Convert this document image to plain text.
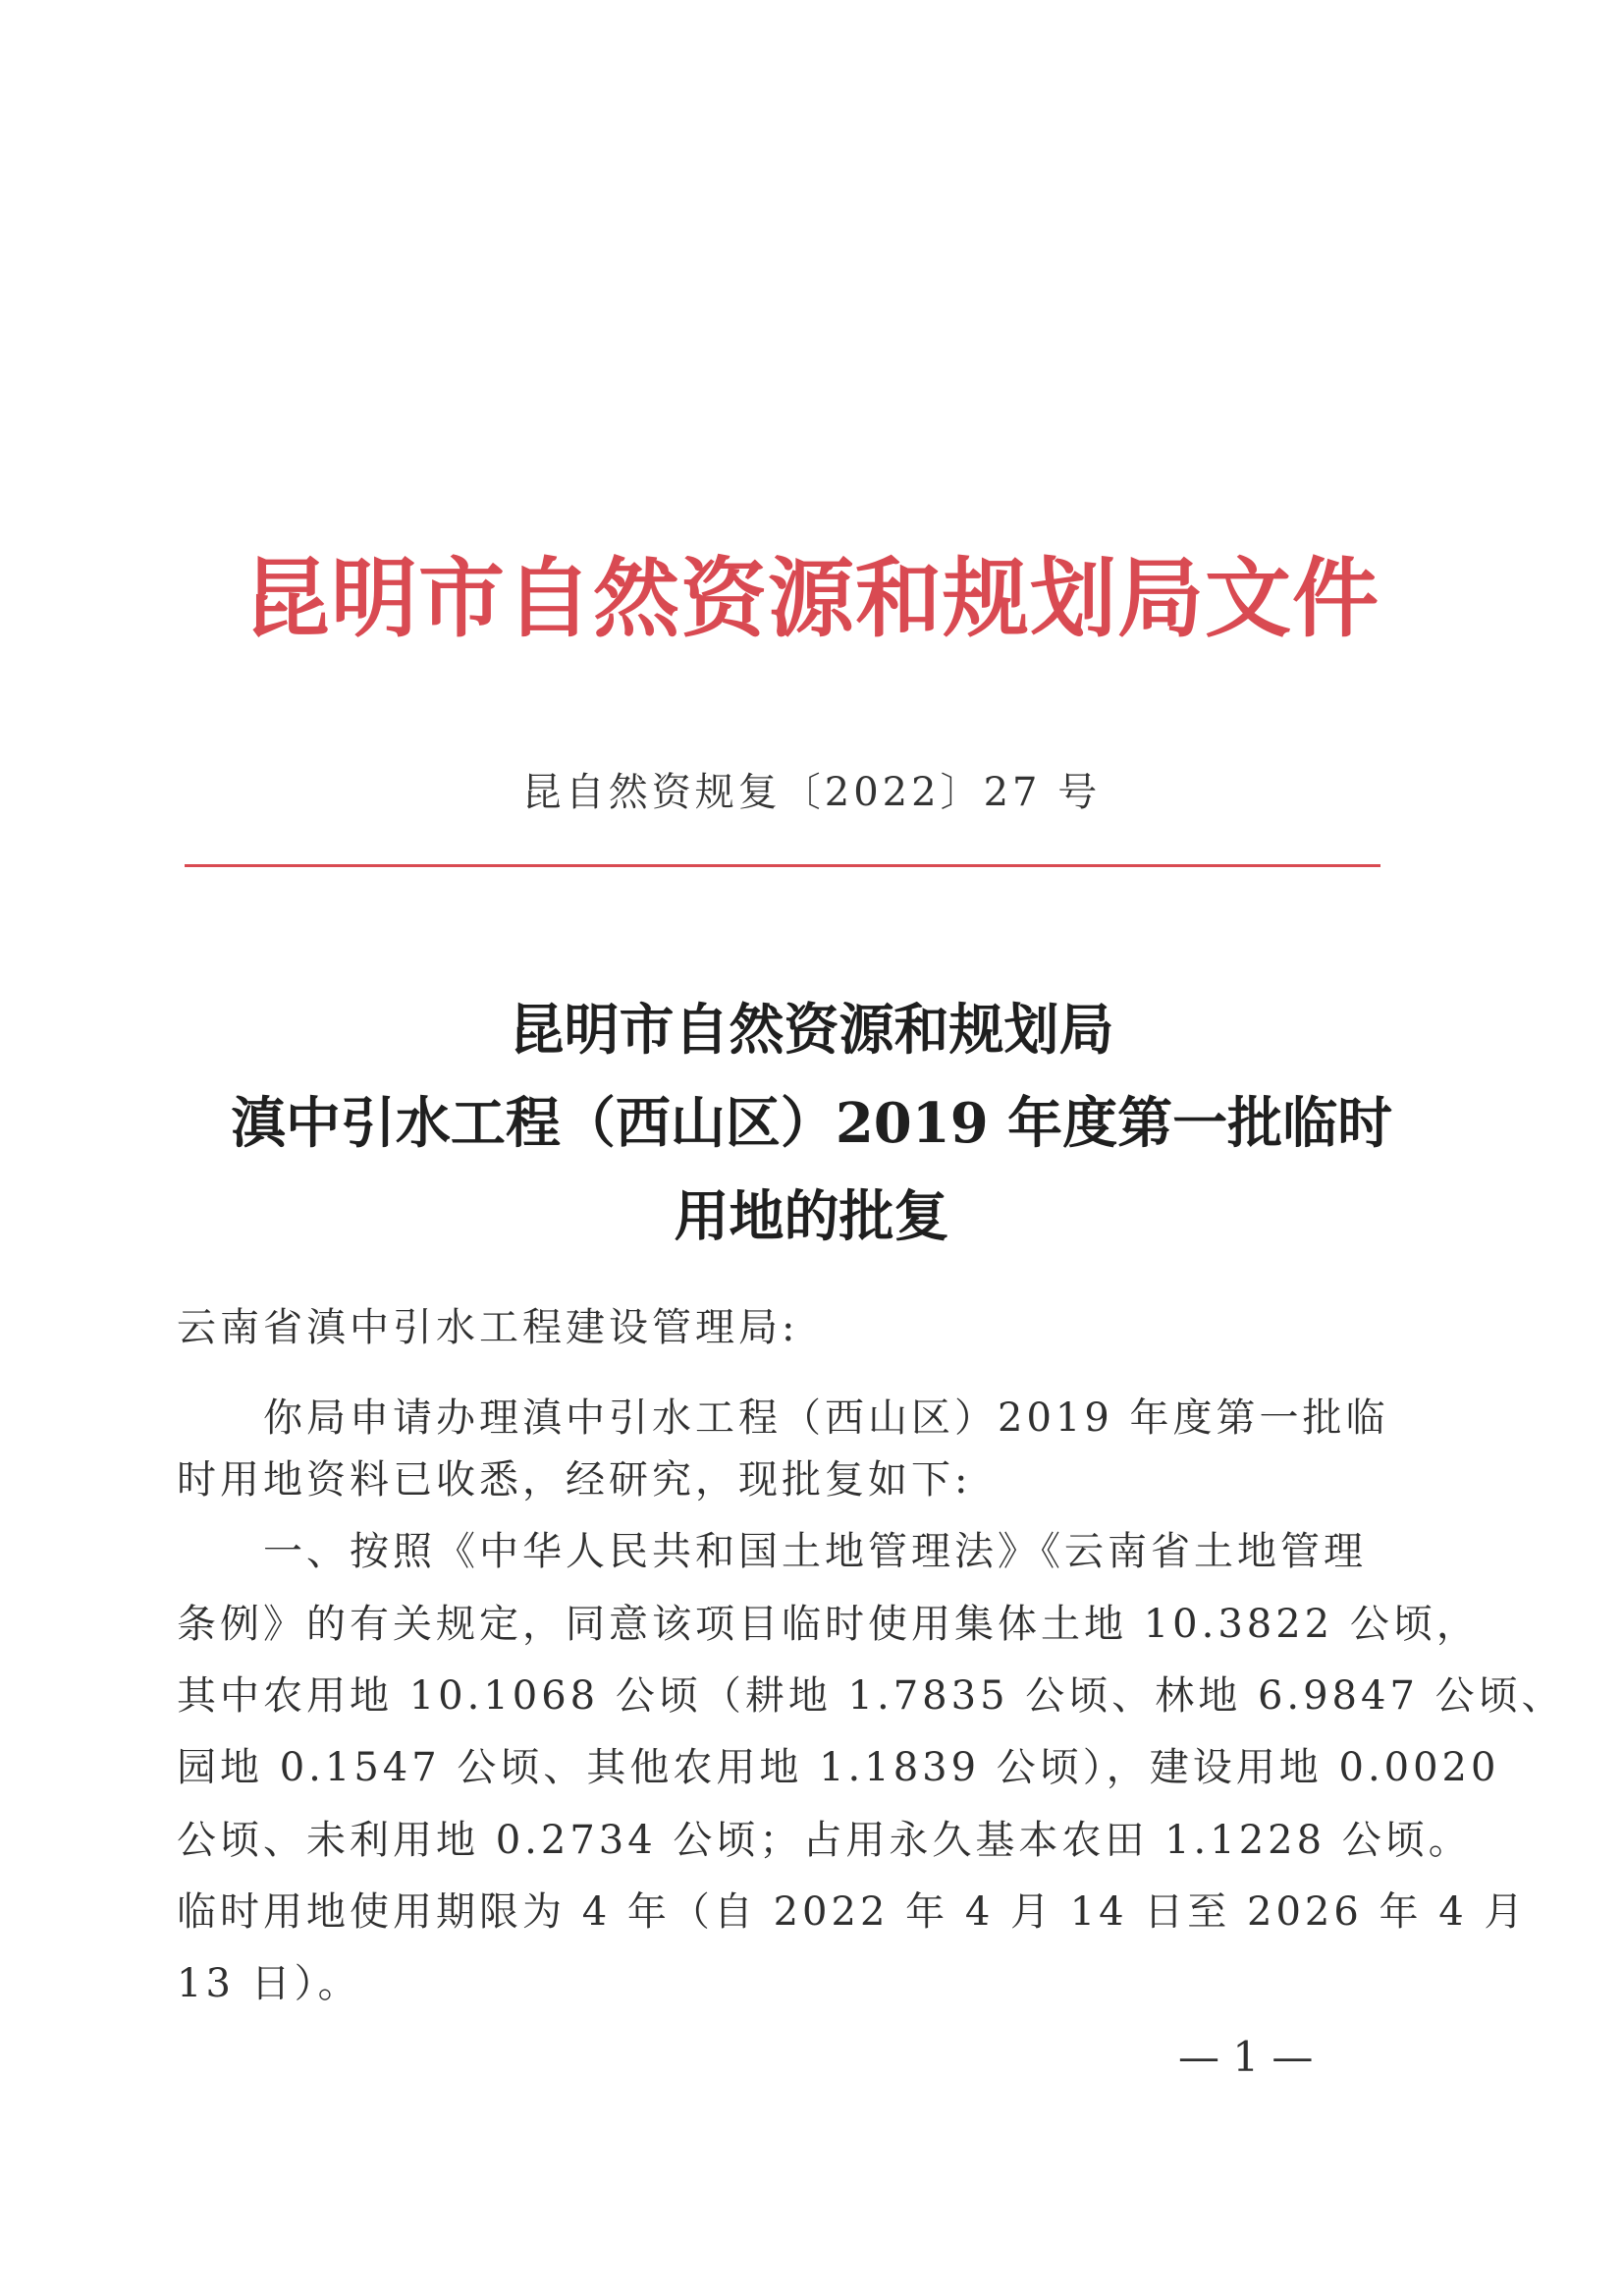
昆明市自然资源和规划局文件
昆自然资规复〔2022〕27 号
昆明市自然资源和规划局
滇中引水工程（西山区）2019 年度第一批临时
用地的批复
云南省滇中引水工程建设管理局:
你局申请办理滇中引水工程（西山区）2019 年度第一批临
时用地资料已收悉，经研究，现批复如下:
一、按照《中华人民共和国土地管理法》《云南省土地管理
条例》的有关规定，同意该项目临时使用集体土地 10.3822 公顷，
其中农用地 10.1068 公顷（耕地 1.7835 公顷、林地 6.9847 公顷、
园地 0.1547 公顷、其他农用地 1.1839 公顷），建设用地 0.0020
公顷、未利用地 0.2734 公顷；占用永久基本农田 1.1228 公顷。
临时用地使用期限为 4 年（自 2022 年 4 月 14 日至 2026 年 4 月
13 日）。
— 1 —
